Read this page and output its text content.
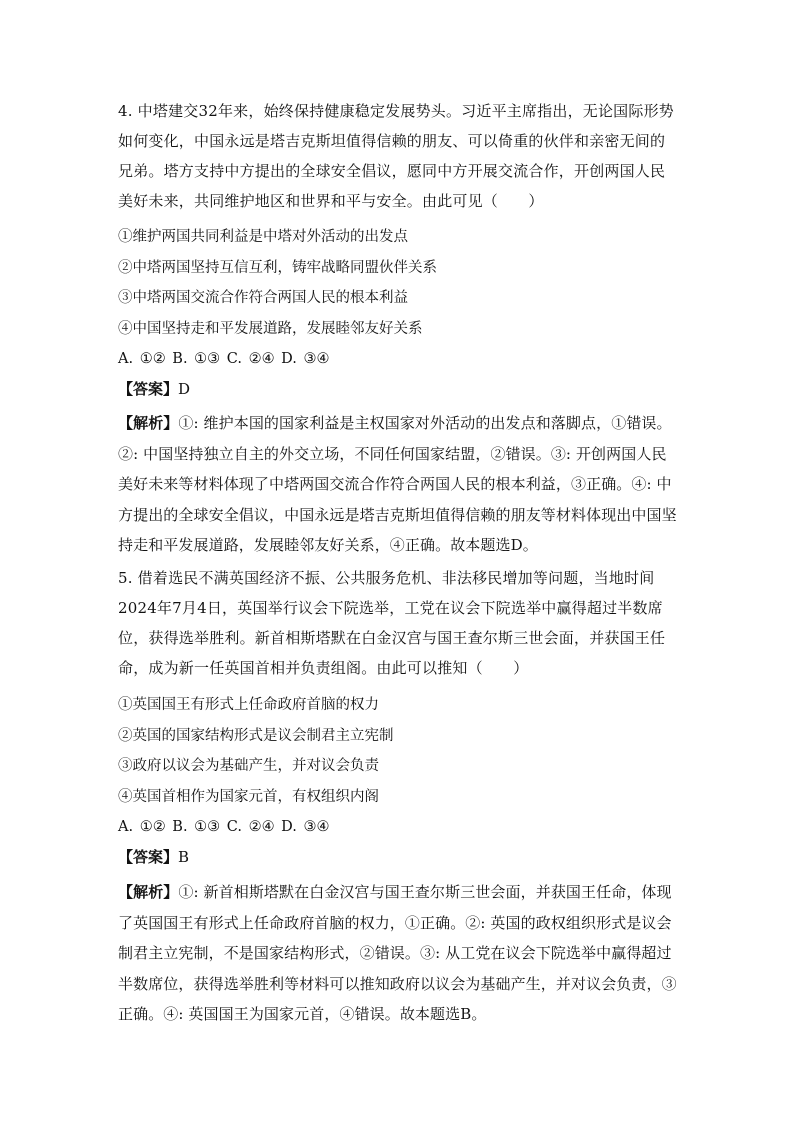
4. 中塔建交32年来，始终保持健康稳定发展势头。习近平主席指出，无论国际形势如何变化，中国永远是塔吉克斯坦值得信赖的朋友、可以倚重的伙伴和亲密无间的兄弟。塔方支持中方提出的全球安全倡议，愿同中方开展交流合作，开创两国人民美好未来，共同维护地区和世界和平与安全。由此可见（　　）

①维护两国共同利益是中塔对外活动的出发点

②中塔两国坚持互信互利，铸牢战略同盟伙伴关系

③中塔两国交流合作符合两国人民的根本利益

④中国坚持走和平发展道路，发展睦邻友好关系

A. ①② B. ①③ C. ②④ D. ③④

【答案】D

【解析】①: 维护本国的国家利益是主权国家对外活动的出发点和落脚点，①错误。②: 中国坚持独立自主的外交立场，不同任何国家结盟，②错误。③: 开创两国人民美好未来等材料体现了中塔两国交流合作符合两国人民的根本利益，③正确。④: 中方提出的全球安全倡议，中国永远是塔吉克斯坦值得信赖的朋友等材料体现出中国坚持走和平发展道路，发展睦邻友好关系，④正确。故本题选D。

5. 借着选民不满英国经济不振、公共服务危机、非法移民增加等问题，当地时间2024年7月4日，英国举行议会下院选举，工党在议会下院选举中赢得超过半数席位，获得选举胜利。新首相斯塔默在白金汉宫与国王查尔斯三世会面，并获国王任命，成为新一任英国首相并负责组阁。由此可以推知（　　）

①英国国王有形式上任命政府首脑的权力

②英国的国家结构形式是议会制君主立宪制

③政府以议会为基础产生，并对议会负责

④英国首相作为国家元首，有权组织内阁

A. ①② B. ①③ C. ②④ D. ③④

【答案】B

【解析】①: 新首相斯塔默在白金汉宫与国王查尔斯三世会面，并获国王任命，体现了英国国王有形式上任命政府首脑的权力，①正确。②: 英国的政权组织形式是议会制君主立宪制，不是国家结构形式，②错误。③: 从工党在议会下院选举中赢得超过半数席位，获得选举胜利等材料可以推知政府以议会为基础产生，并对议会负责，③正确。④: 英国国王为国家元首，④错误。故本题选B。
